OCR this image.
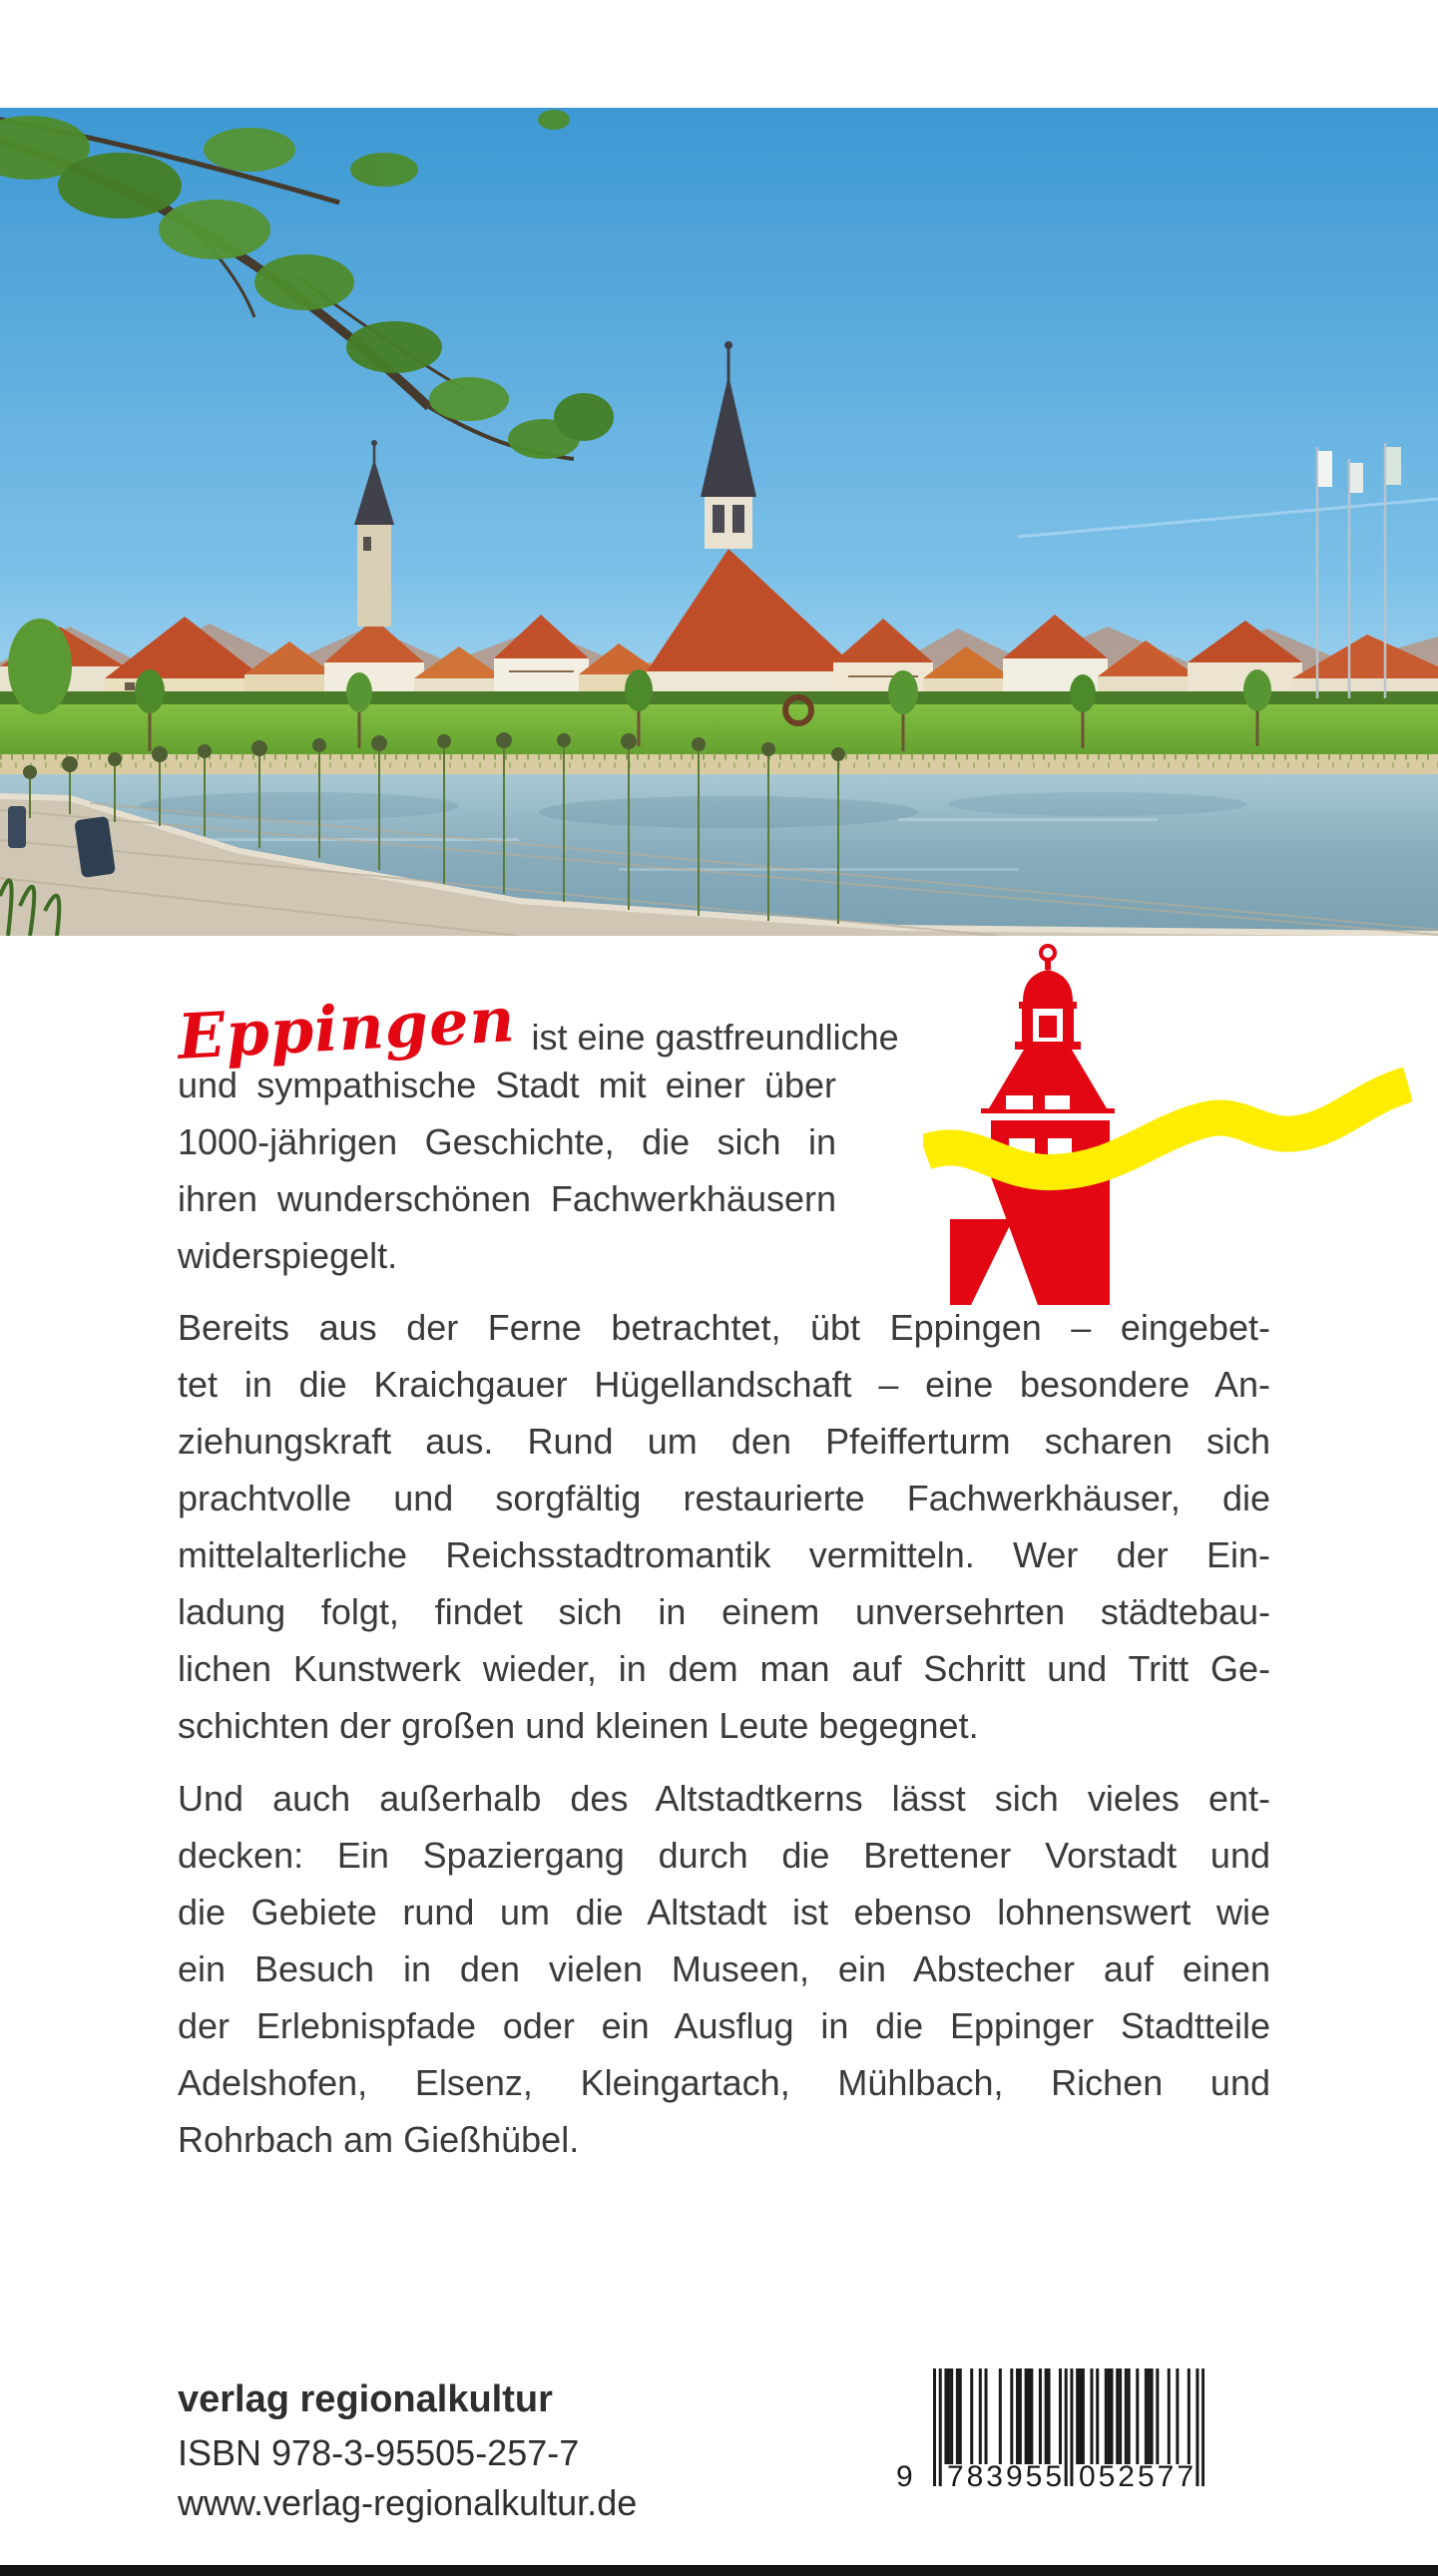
Eppingen ist eine gastfreundliche
und sympathische Stadt mit einer über
1000-jährigen Geschichte, die sich in
ihren wunderschönen Fachwerkhäusern
widerspiegelt.
Bereits aus der Ferne betrachtet, übt Eppingen – eingebet-
tet in die Kraichgauer Hügellandschaft – eine besondere An-
ziehungskraft aus. Rund um den Pfeifferturm scharen sich
prachtvolle und sorgfältig restaurierte Fachwerkhäuser, die
mittelalterliche Reichsstadtromantik vermitteln. Wer der Ein-
ladung folgt, findet sich in einem unversehrten städtebau-
lichen Kunstwerk wieder, in dem man auf Schritt und Tritt Ge-
schichten der großen und kleinen Leute begegnet.
Und auch außerhalb des Altstadtkerns lässt sich vieles ent-
decken: Ein Spaziergang durch die Brettener Vorstadt und
die Gebiete rund um die Altstadt ist ebenso lohnenswert wie
ein Besuch in den vielen Museen, ein Abstecher auf einen
der Erlebnispfade oder ein Ausflug in die Eppinger Stadtteile
Adelshofen, Elsenz, Kleingartach, Mühlbach, Richen und
Rohrbach am Gießhübel.
verlag regionalkultur
ISBN 978-3-95505-257-7
www.verlag-regionalkultur.de
9 783955 052577
